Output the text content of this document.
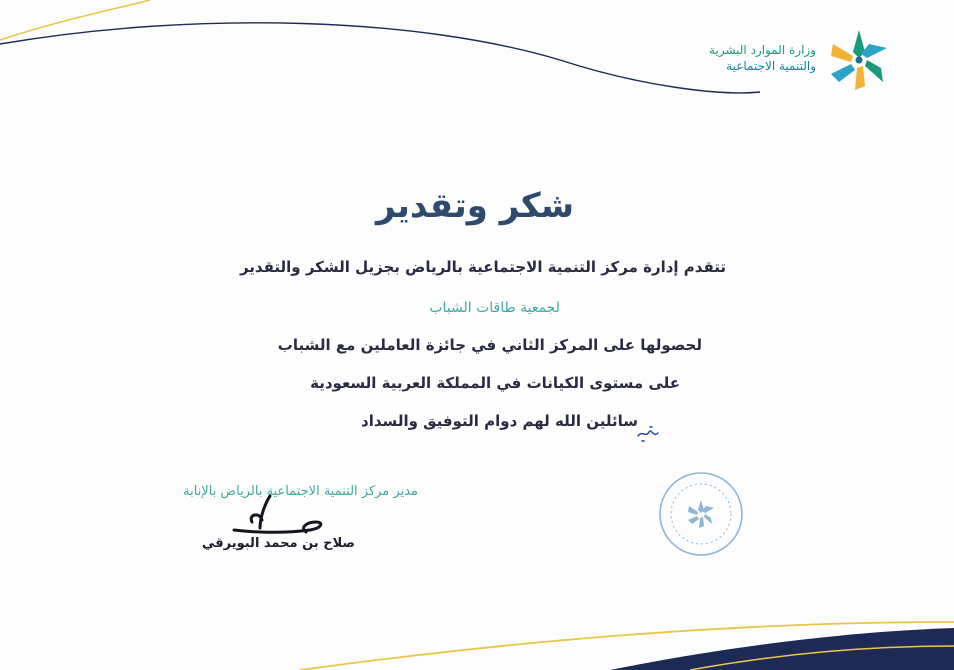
وزارة الموارد البشرية
والتنمية الاجتماعية
شكر وتقدير
تتقدم إدارة مركز التنمية الاجتماعية بالرياض بجزيل الشكر والتقدير
لجمعية طاقات الشباب
لحصولها على المركز الثاني في جائزة العاملين مع الشباب
على مستوى الكيانات في المملكة العربية السعودية
سائلين الله لهم دوام التوفيق والسداد
مدير مركز التنمية الاجتماعية بالرياض بالإنابة
صلاح بن محمد البويرقي
